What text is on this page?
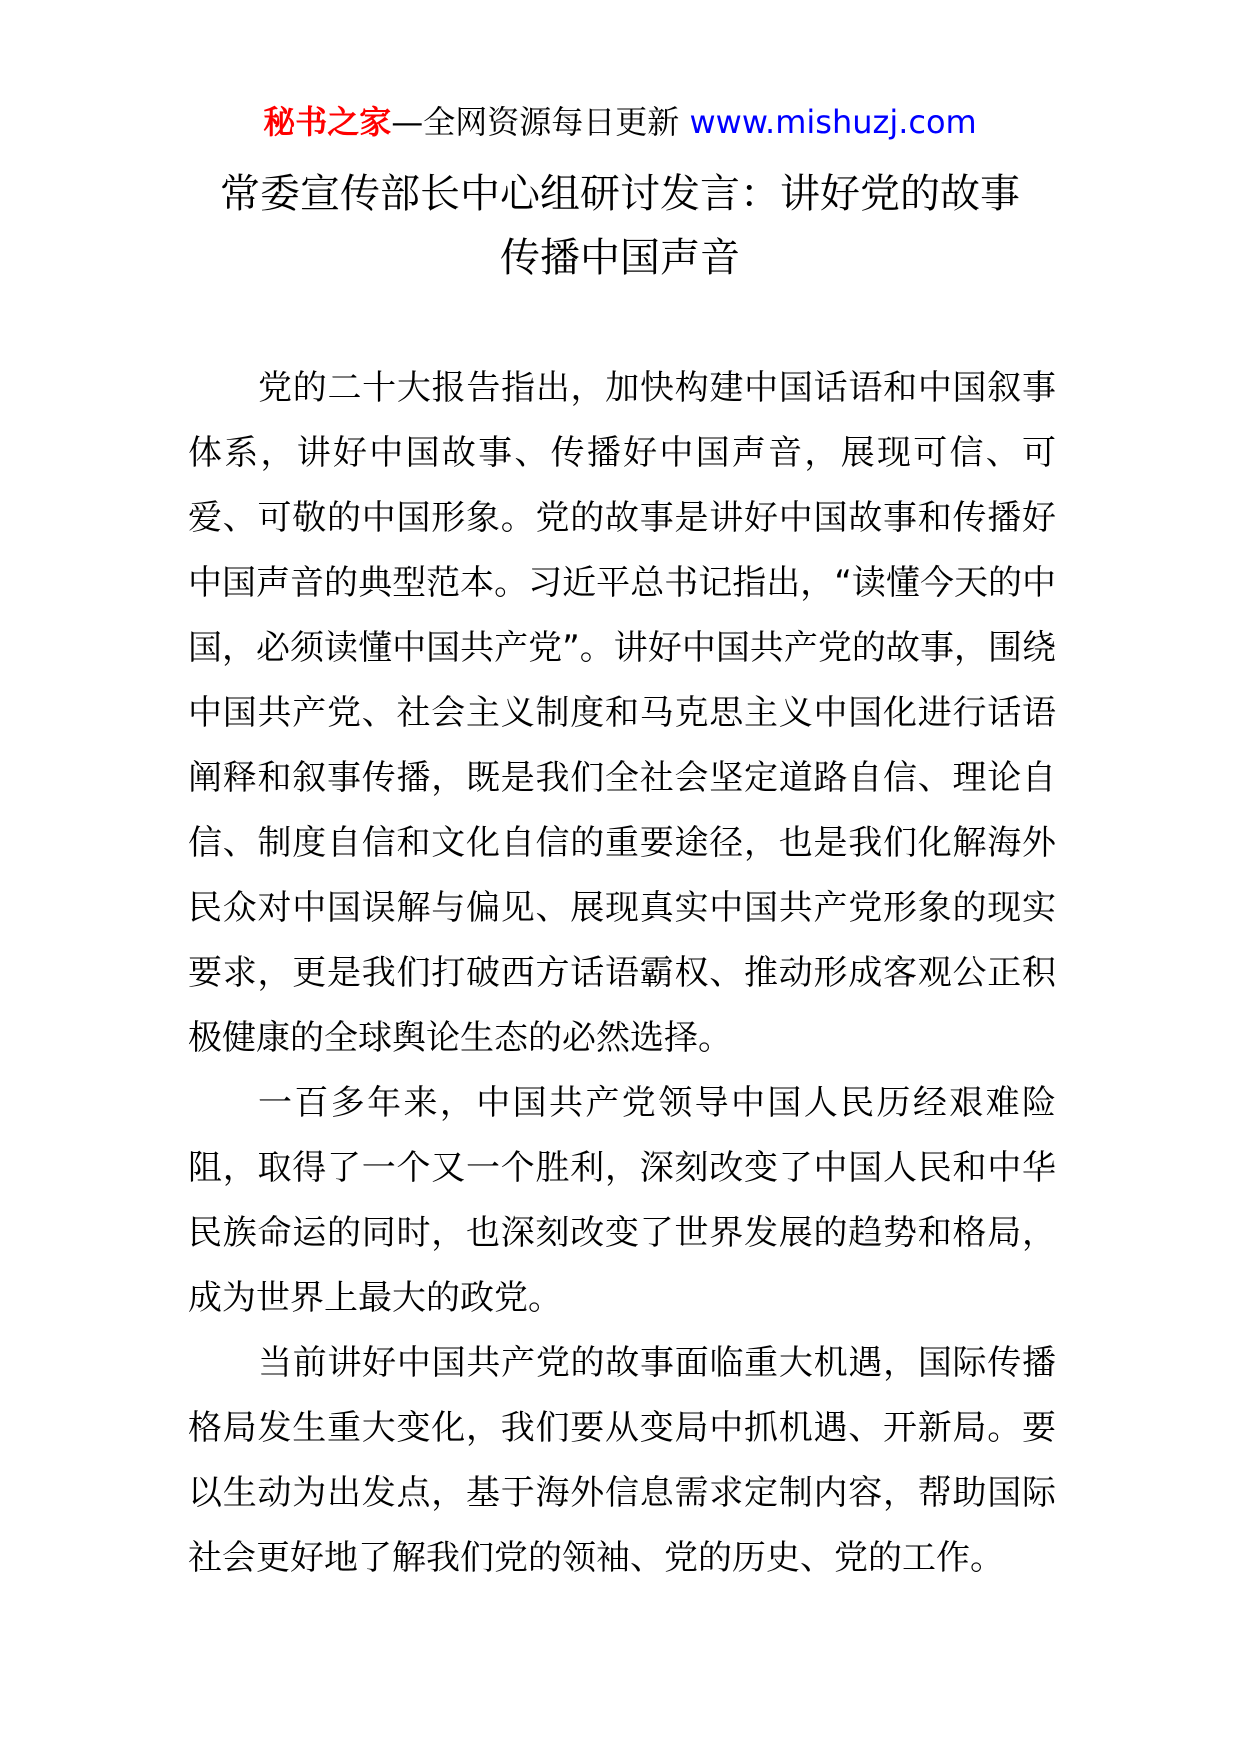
秘书之家—全网资源每日更新 www.mishuzj.com
常委宣传部长中心组研讨发言：讲好党的故事
传播中国声音

党的二十大报告指出，加快构建中国话语和中国叙事体系，讲好中国故事、传播好中国声音，展现可信、可爱、可敬的中国形象。党的故事是讲好中国故事和传播好中国声音的典型范本。习近平总书记指出，“读懂今天的中国，必须读懂中国共产党”。讲好中国共产党的故事，围绕中国共产党、社会主义制度和马克思主义中国化进行话语阐释和叙事传播，既是我们全社会坚定道路自信、理论自信、制度自信和文化自信的重要途径，也是我们化解海外民众对中国误解与偏见、展现真实中国共产党形象的现实要求，更是我们打破西方话语霸权、推动形成客观公正积极健康的全球舆论生态的必然选择。

一百多年来，中国共产党领导中国人民历经艰难险阻，取得了一个又一个胜利，深刻改变了中国人民和中华民族命运的同时，也深刻改变了世界发展的趋势和格局，成为世界上最大的政党。

当前讲好中国共产党的故事面临重大机遇，国际传播格局发生重大变化，我们要从变局中抓机遇、开新局。要以生动为出发点，基于海外信息需求定制内容，帮助国际社会更好地了解我们党的领袖、党的历史、党的工作。
